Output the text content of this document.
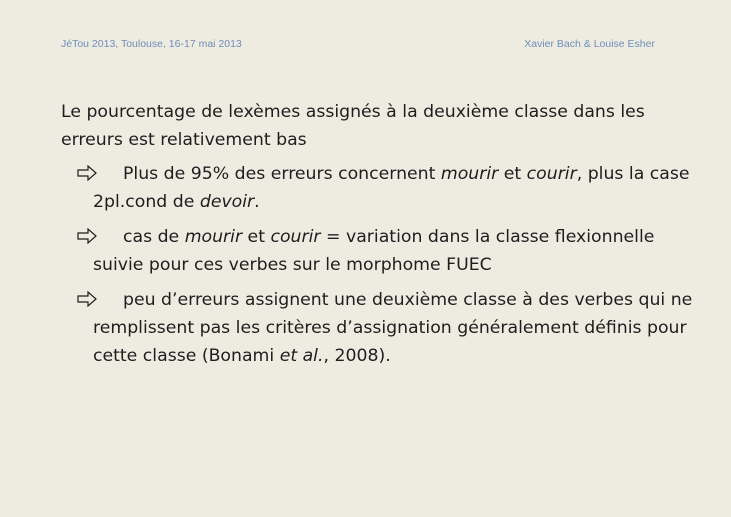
JéTou 2013, Toulouse, 16-17 mai 2013	Xavier Bach & Louise Esher

Le pourcentage de lexèmes assignés à la deuxième classe dans les erreurs est relativement bas

Plus de 95% des erreurs concernent mourir et courir, plus la case 2pl.cond de devoir.

cas de mourir et courir = variation dans la classe flexionnelle suivie pour ces verbes sur le morphome FUEC

peu d’erreurs assignent une deuxième classe à des verbes qui ne remplissent pas les critères d’assignation généralement définis pour cette classe (Bonami et al., 2008).
